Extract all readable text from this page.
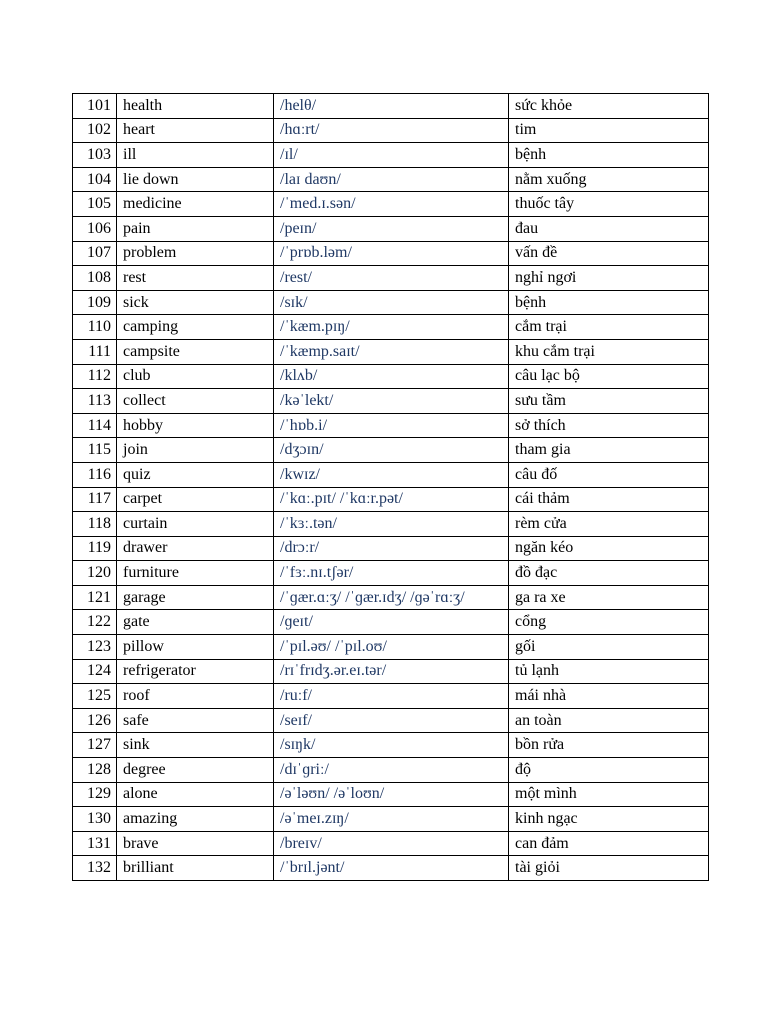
101	health	/helθ/	sức khỏe
102	heart	/hɑːrt/	tim
103	ill	/ɪl/	bệnh
104	lie down	/laɪ daʊn/	nằm xuống
105	medicine	/ˈmed.ɪ.sən/	thuốc tây
106	pain	/peɪn/	đau
107	problem	/ˈprɒb.ləm/	vấn đề
108	rest	/rest/	nghỉ ngơi
109	sick	/sɪk/	bệnh
110	camping	/ˈkæm.pɪŋ/	cắm trại
111	campsite	/ˈkæmp.saɪt/	khu cắm trại
112	club	/klʌb/	câu lạc bộ
113	collect	/kəˈlekt/	sưu tầm
114	hobby	/ˈhɒb.i/	sở thích
115	join	/dʒɔɪn/	tham gia
116	quiz	/kwɪz/	câu đố
117	carpet	/ˈkɑː.pɪt/ /ˈkɑːr.pət/	cái thảm
118	curtain	/ˈkɜː.tən/	rèm cửa
119	drawer	/drɔːr/	ngăn kéo
120	furniture	/ˈfɜː.nɪ.tʃər/	đồ đạc
121	garage	/ˈɡær.ɑːʒ/ /ˈɡær.ɪdʒ/ /ɡəˈrɑːʒ/	ga ra xe
122	gate	/ɡeɪt/	cổng
123	pillow	/ˈpɪl.əʊ/ /ˈpɪl.oʊ/	gối
124	refrigerator	/rɪˈfrɪdʒ.ər.eɪ.tər/	tủ lạnh
125	roof	/ruːf/	mái nhà
126	safe	/seɪf/	an toàn
127	sink	/sɪŋk/	bồn rửa
128	degree	/dɪˈɡriː/	độ
129	alone	/əˈləʊn/ /əˈloʊn/	một mình
130	amazing	/əˈmeɪ.zɪŋ/	kinh ngạc
131	brave	/breɪv/	can đảm
132	brilliant	/ˈbrɪl.jənt/	tài giỏi
